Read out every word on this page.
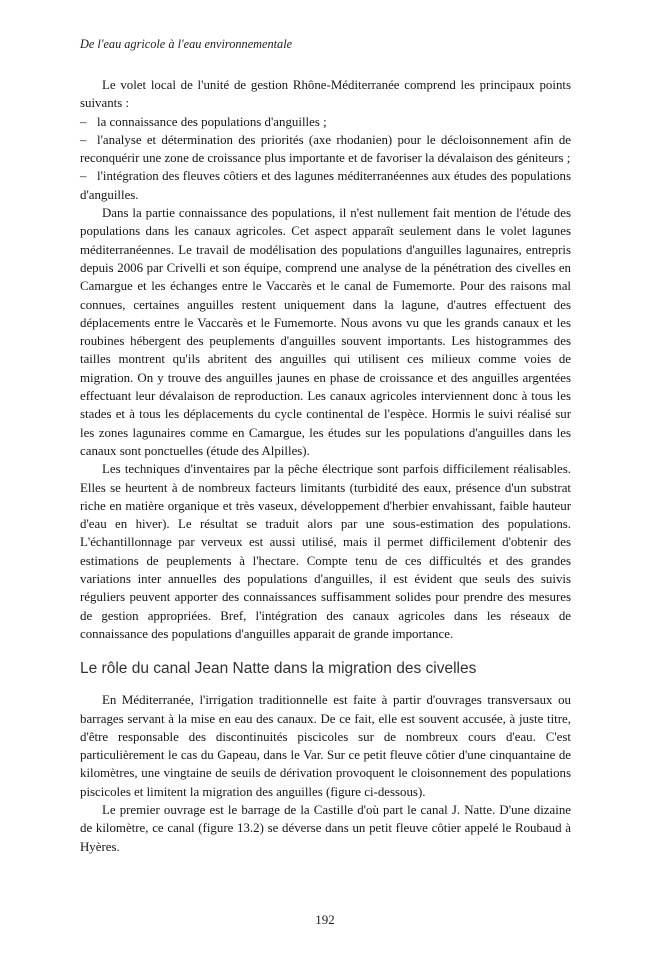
De l'eau agricole à l'eau environnementale

Le volet local de l'unité de gestion Rhône-Méditerranée comprend les principaux points suivants :

– la connaissance des populations d'anguilles ;

– l'analyse et détermination des priorités (axe rhodanien) pour le décloisonnement afin de reconquérir une zone de croissance plus importante et de favoriser la dévalaison des géniteurs ;

– l'intégration des fleuves côtiers et des lagunes méditerranéennes aux études des populations d'anguilles.

Dans la partie connaissance des populations, il n'est nullement fait mention de l'étude des populations dans les canaux agricoles. Cet aspect apparaît seulement dans le volet lagunes méditerranéennes. Le travail de modélisation des populations d'anguilles lagunaires, entrepris depuis 2006 par Crivelli et son équipe, comprend une analyse de la pénétration des civelles en Camargue et les échanges entre le Vaccarès et le canal de Fumemorte. Pour des raisons mal connues, certaines anguilles restent uniquement dans la lagune, d'autres effectuent des déplacements entre le Vaccarès et le Fumemorte. Nous avons vu que les grands canaux et les roubines hébergent des peuplements d'anguilles souvent importants. Les histogrammes des tailles montrent qu'ils abritent des anguilles qui utilisent ces milieux comme voies de migration. On y trouve des anguilles jaunes en phase de croissance et des anguilles argentées effectuant leur dévalaison de reproduction. Les canaux agricoles interviennent donc à tous les stades et à tous les déplacements du cycle continental de l'espèce. Hormis le suivi réalisé sur les zones lagunaires comme en Camargue, les études sur les populations d'anguilles dans les canaux sont ponctuelles (étude des Alpilles).

Les techniques d'inventaires par la pêche électrique sont parfois difficilement réalisables. Elles se heurtent à de nombreux facteurs limitants (turbidité des eaux, présence d'un substrat riche en matière organique et très vaseux, développement d'herbier envahissant, faible hauteur d'eau en hiver). Le résultat se traduit alors par une sous-estimation des populations. L'échantillonnage par verveux est aussi utilisé, mais il permet difficilement d'obtenir des estimations de peuplements à l'hectare. Compte tenu de ces difficultés et des grandes variations inter annuelles des populations d'anguilles, il est évident que seuls des suivis réguliers peuvent apporter des connaissances suffisamment solides pour prendre des mesures de gestion appropriées. Bref, l'intégration des canaux agricoles dans les réseaux de connaissance des populations d'anguilles apparait de grande importance.

Le rôle du canal Jean Natte dans la migration des civelles

En Méditerranée, l'irrigation traditionnelle est faite à partir d'ouvrages transversaux ou barrages servant à la mise en eau des canaux. De ce fait, elle est souvent accusée, à juste titre, d'être responsable des discontinuités piscicoles sur de nombreux cours d'eau. C'est particulièrement le cas du Gapeau, dans le Var. Sur ce petit fleuve côtier d'une cinquantaine de kilomètres, une vingtaine de seuils de dérivation provoquent le cloisonnement des populations piscicoles et limitent la migration des anguilles (figure ci-dessous).

Le premier ouvrage est le barrage de la Castille d'où part le canal J. Natte. D'une dizaine de kilomètre, ce canal (figure 13.2) se déverse dans un petit fleuve côtier appelé le Roubaud à Hyères.

192
